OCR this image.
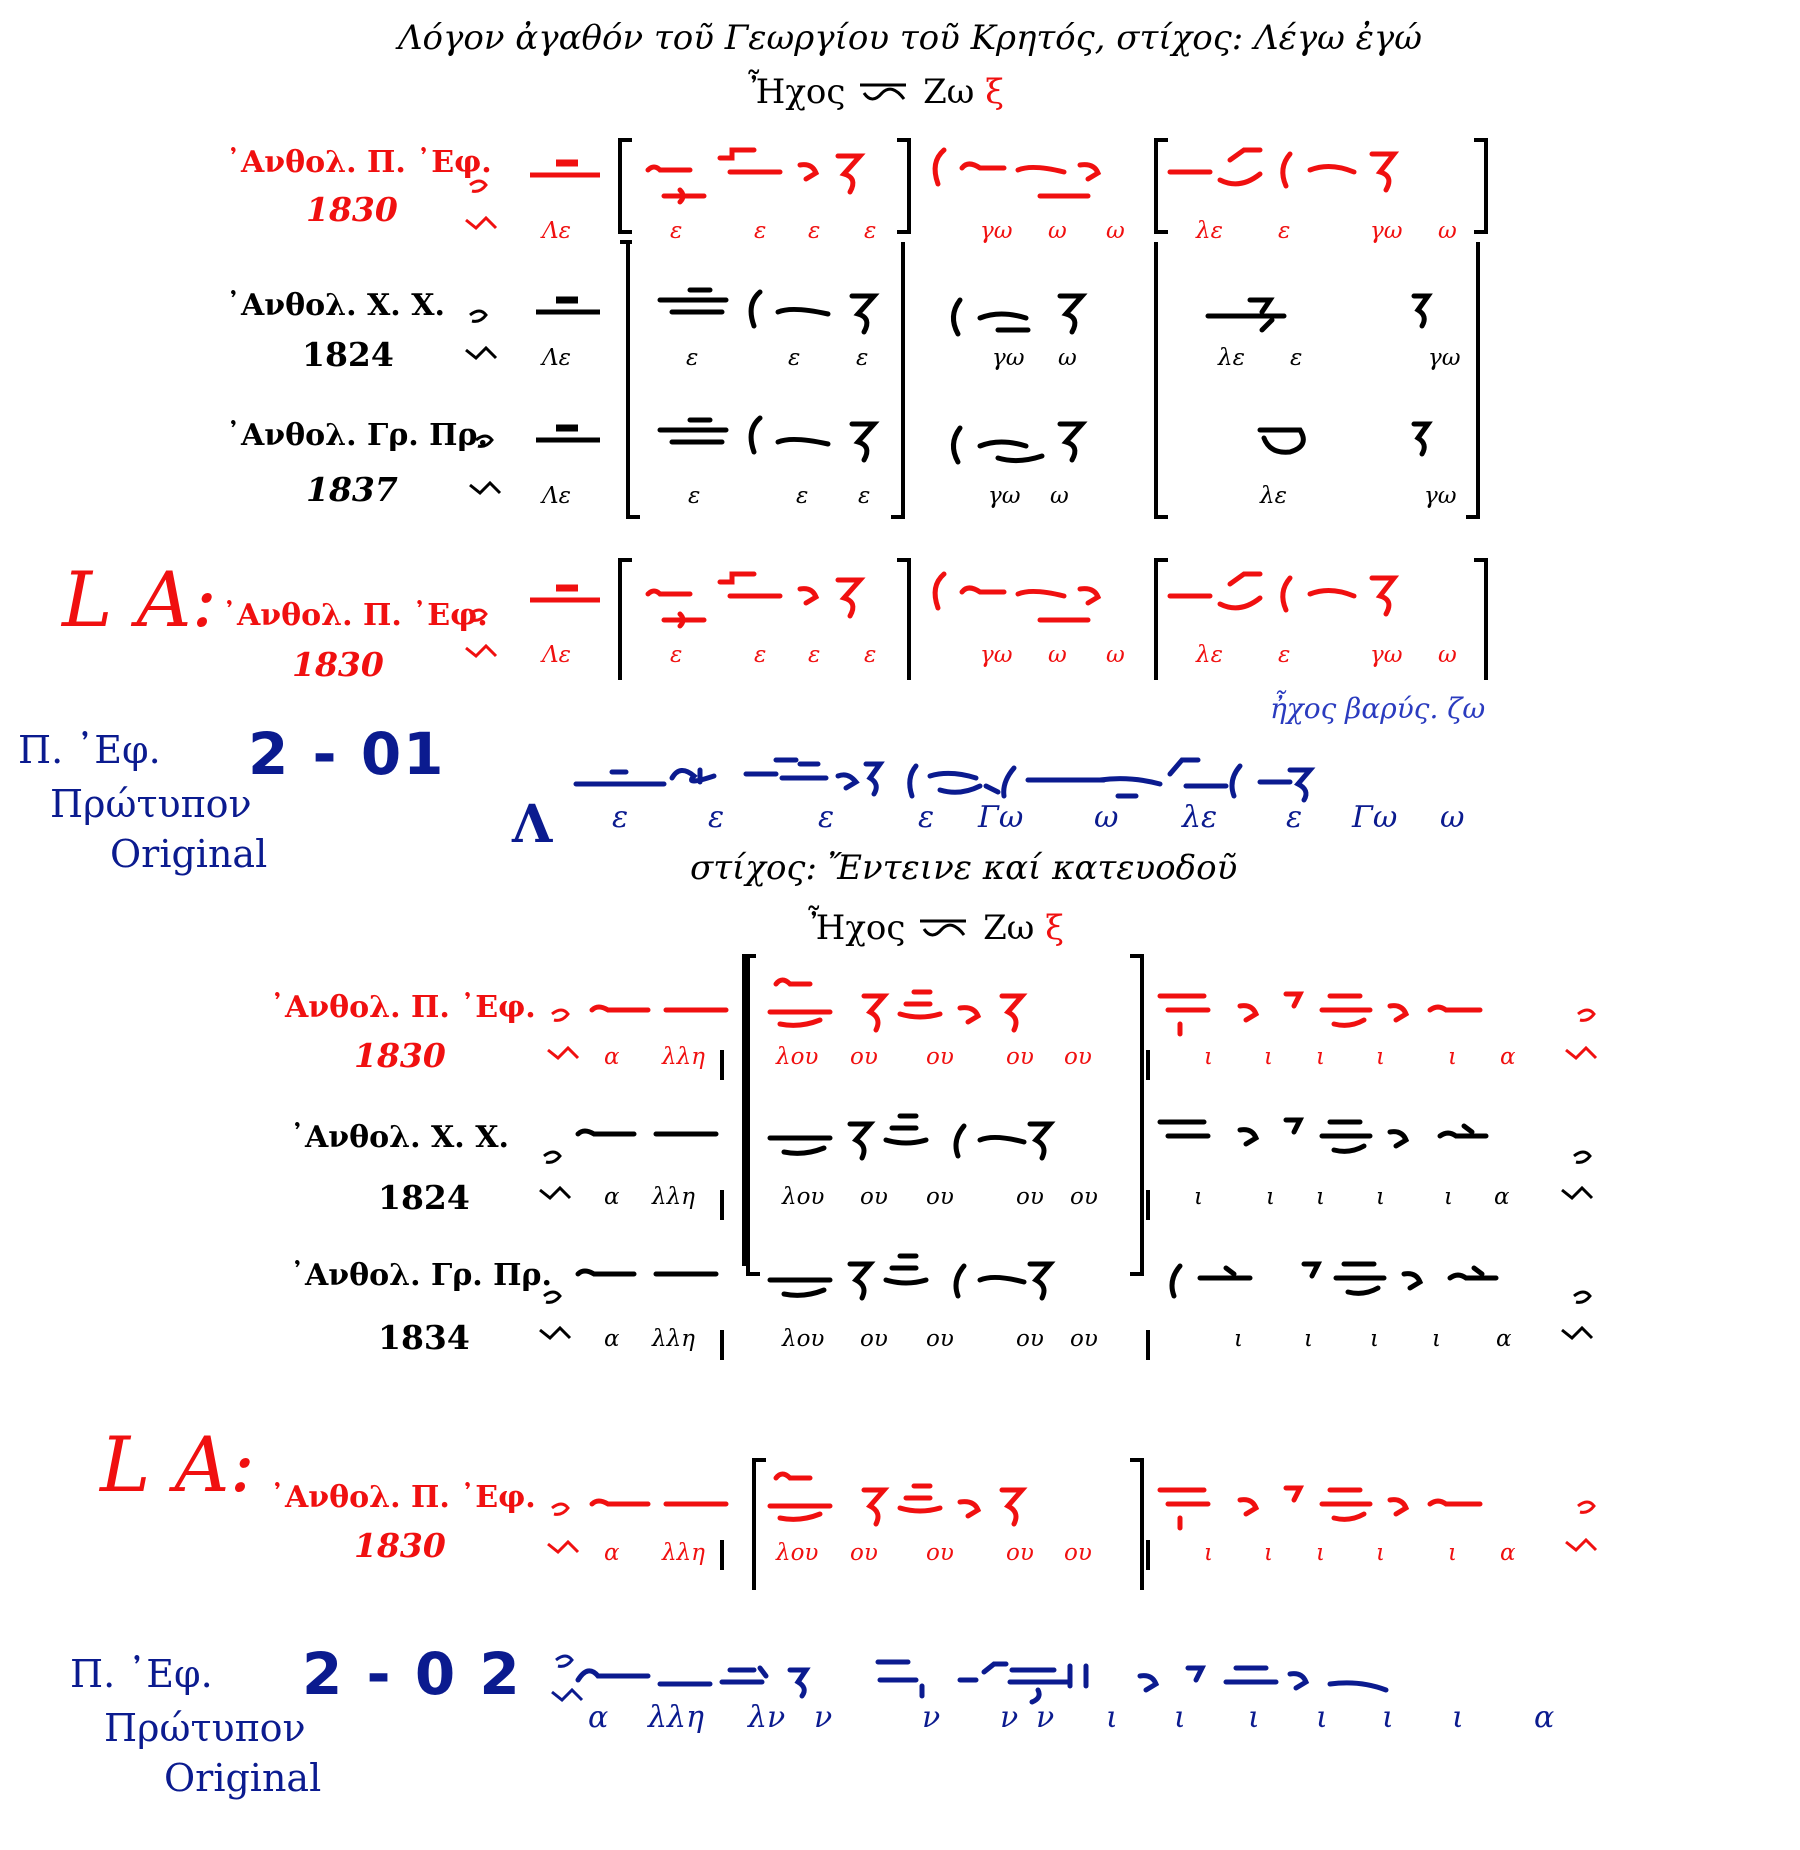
Λόγον ἀγαθόν τοῦ Γεωργίου τοῦ Κρητός, στίχος: Λέγω ἐγώ
Ἦχος Ζω ξ
᾿Ανθολ. Π. ᾿Εφ.
1830
᾿Ανθολ. Χ. Χ.
1824
᾿Ανθολ. Γρ. Πρ.
1837
L A: ᾿Ανθολ. Π. ᾿Εφ.
1830
Λε	ε	ε ε ε	γω ω ω	λε ε	γω ω
Λε	ε	ε ε	γω ω	λε ε	γω
Λε	ε	ε ε	γω ω	λε	γω
Λε	ε	ε ε ε	γω ω ω	λε ε	γω ω
Π. ᾿Εφ.
Πρώτυπον
Original
2 - 01
ἦχος βαρύς. ζω
Λ ε	ε	ε	ε Γω ω λε ε Γω ω
στίχος: Ἔντεινε καί κατευοδοῦ
Ἦχος Ζω ξ
᾿Ανθολ. Π. ᾿Εφ.
1830
᾿Ανθολ. Χ. Χ.
1824
᾿Ανθολ. Γρ. Πρ.
1834
L A: ᾿Ανθολ. Π. ᾿Εφ.
1830
α λλη	λου ου ου ου ου	ι ι ι ι	ι α
α λλη	λου ου ου	ου ου	ι	ι ι ι	ι α
α λλη	λου ου ου	ου ου	ι	ι ι ι α
α λλη	λου ου ου ου ου	ι ι ι ι	ι α
Π. ᾿Εφ.
Πρώτυπον
Original
2 - 0 2
α λλη λν ν	ν ν ν ι ι ι ι ι ι α
